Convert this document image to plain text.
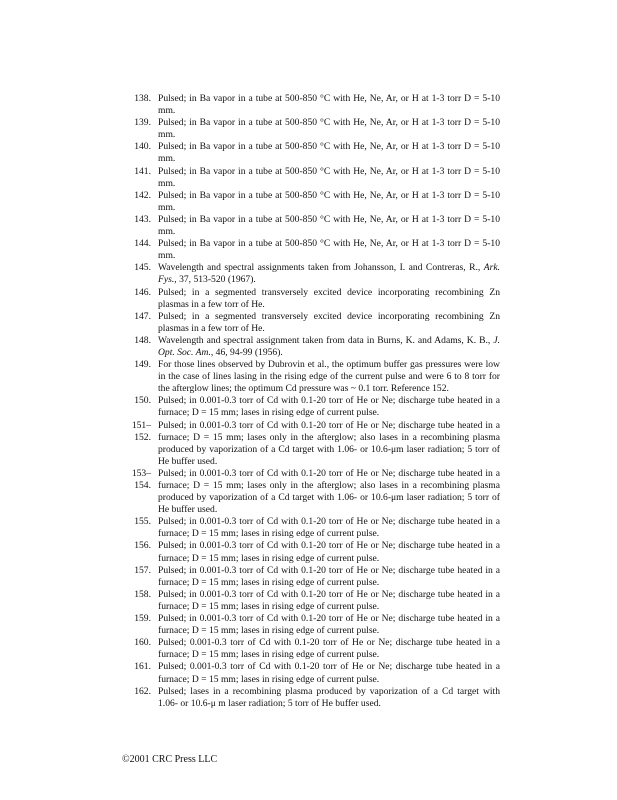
138. Pulsed; in Ba vapor in a tube at 500-850 °C with He, Ne, Ar, or H at 1-3 torr D = 5-10 mm.
139. Pulsed; in Ba vapor in a tube at 500-850 °C with He, Ne, Ar, or H at 1-3 torr D = 5-10 mm.
140. Pulsed; in Ba vapor in a tube at 500-850 °C with He, Ne, Ar, or H at 1-3 torr D = 5-10 mm.
141. Pulsed; in Ba vapor in a tube at 500-850 °C with He, Ne, Ar, or H at 1-3 torr D = 5-10 mm.
142. Pulsed; in Ba vapor in a tube at 500-850 °C with He, Ne, Ar, or H at 1-3 torr D = 5-10 mm.
143. Pulsed; in Ba vapor in a tube at 500-850 °C with He, Ne, Ar, or H at 1-3 torr D = 5-10 mm.
144. Pulsed; in Ba vapor in a tube at 500-850 °C with He, Ne, Ar, or H at 1-3 torr D = 5-10 mm.
145. Wavelength and spectral assignments taken from Johansson, I. and Contreras, R., Ark. Fys., 37, 513-520 (1967).
146. Pulsed; in a segmented transversely excited device incorporating recombining Zn plasmas in a few torr of He.
147. Pulsed; in a segmented transversely excited device incorporating recombining Zn plasmas in a few torr of He.
148. Wavelength and spectral assignment taken from data in Burns, K. and Adams, K. B., J. Opt. Soc. Am., 46, 94-99 (1956).
149. For those lines observed by Dubrovin et al., the optimum buffer gas pressures were low in the case of lines lasing in the rising edge of the current pulse and were 6 to 8 torr for the afterglow lines; the optimum Cd pressure was ~ 0.1 torr. Reference 152.
150. Pulsed; in 0.001-0.3 torr of Cd with 0.1-20 torr of He or Ne; discharge tube heated in a furnace; D = 15 mm; lases in rising edge of current pulse.
151–
152.
Pulsed; in 0.001-0.3 torr of Cd with 0.1-20 torr of He or Ne; discharge tube heated in a furnace; D = 15 mm; lases only in the afterglow; also lases in a recombining plasma produced by vaporization of a Cd target with 1.06- or 10.6-μm laser radiation; 5 torr of He buffer used.
153–
154.
Pulsed; in 0.001-0.3 torr of Cd with 0.1-20 torr of He or Ne; discharge tube heated in a furnace; D = 15 mm; lases only in the afterglow; also lases in a recombining plasma produced by vaporization of a Cd target with 1.06- or 10.6-μm laser radiation; 5 torr of He buffer used.
155. Pulsed; in 0.001-0.3 torr of Cd with 0.1-20 torr of He or Ne; discharge tube heated in a furnace; D = 15 mm; lases in rising edge of current pulse.
156. Pulsed; in 0.001-0.3 torr of Cd with 0.1-20 torr of He or Ne; discharge tube heated in a furnace; D = 15 mm; lases in rising edge of current pulse.
157. Pulsed; in 0.001-0.3 torr of Cd with 0.1-20 torr of He or Ne; discharge tube heated in a furnace; D = 15 mm; lases in rising edge of current pulse.
158. Pulsed; in 0.001-0.3 torr of Cd with 0.1-20 torr of He or Ne; discharge tube heated in a furnace; D = 15 mm; lases in rising edge of current pulse.
159. Pulsed; in 0.001-0.3 torr of Cd with 0.1-20 torr of He or Ne; discharge tube heated in a furnace; D = 15 mm; lases in rising edge of current pulse.
160. Pulsed; 0.001-0.3 torr of Cd with 0.1-20 torr of He or Ne; discharge tube heated in a furnace; D = 15 mm; lases in rising edge of current pulse.
161. Pulsed; 0.001-0.3 torr of Cd with 0.1-20 torr of He or Ne; discharge tube heated in a furnace; D = 15 mm; lases in rising edge of current pulse.
162. Pulsed; lases in a recombining plasma produced by vaporization of a Cd target with 1.06- or 10.6-μ m laser radiation; 5 torr of He buffer used.
©2001 CRC Press LLC
